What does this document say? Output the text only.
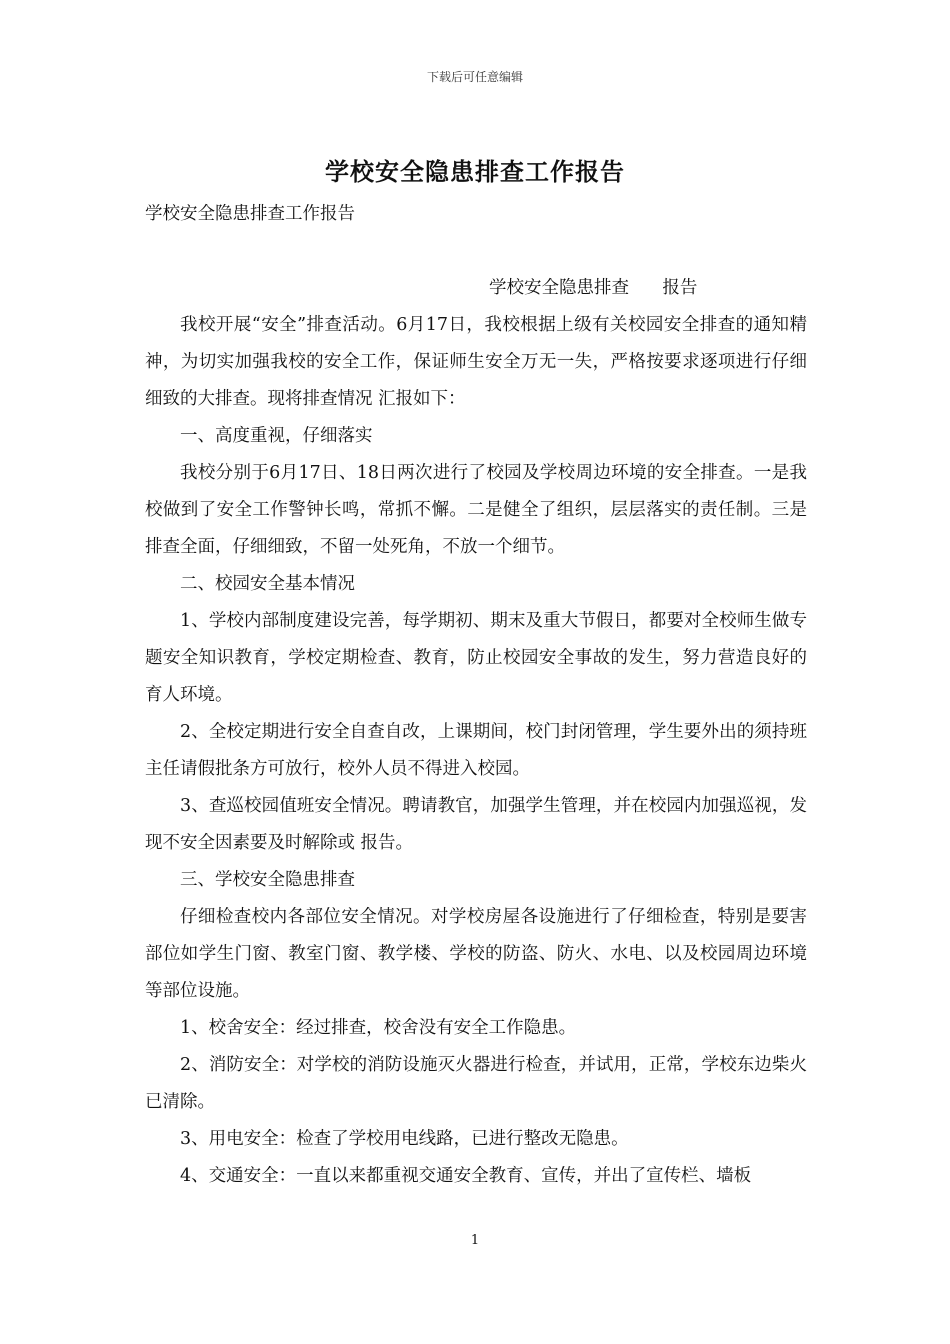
下载后可任意编辑
学校安全隐患排查工作报告

学校安全隐患排查工作报告

学校安全隐患排查      报告

我校开展“安全”排查活动。6月17日，我校根据上级有关校园安全排查的通知精神，为切实加强我校的安全工作，保证师生安全万无一失，严格按要求逐项进行仔细细致的大排查。现将排查情况 汇报如下：

一、高度重视，仔细落实

我校分别于6月17日、18日两次进行了校园及学校周边环境的安全排查。一是我校做到了安全工作警钟长鸣，常抓不懈。二是健全了组织，层层落实的责任制。三是排查全面，仔细细致，不留一处死角，不放一个细节。

二、校园安全基本情况

1、学校内部制度建设完善，每学期初、期末及重大节假日，都要对全校师生做专题安全知识教育，学校定期检查、教育，防止校园安全事故的发生，努力营造良好的育人环境。

2、全校定期进行安全自查自改，上课期间，校门封闭管理，学生要外出的须持班主任请假批条方可放行，校外人员不得进入校园。

3、查巡校园值班安全情况。聘请教官，加强学生管理，并在校园内加强巡视，发现不安全因素要及时解除或 报告。

三、学校安全隐患排查

仔细检查校内各部位安全情况。对学校房屋各设施进行了仔细检查，特别是要害部位如学生门窗、教室门窗、教学楼、学校的防盗、防火、水电、以及校园周边环境等部位设施。

1、校舍安全：经过排查，校舍没有安全工作隐患。

2、消防安全：对学校的消防设施灭火器进行检查，并试用，正常，学校东边柴火已清除。

3、用电安全：检查了学校用电线路，已进行整改无隐患。

4、交通安全：一直以来都重视交通安全教育、宣传，并出了宣传栏、墙板

1
